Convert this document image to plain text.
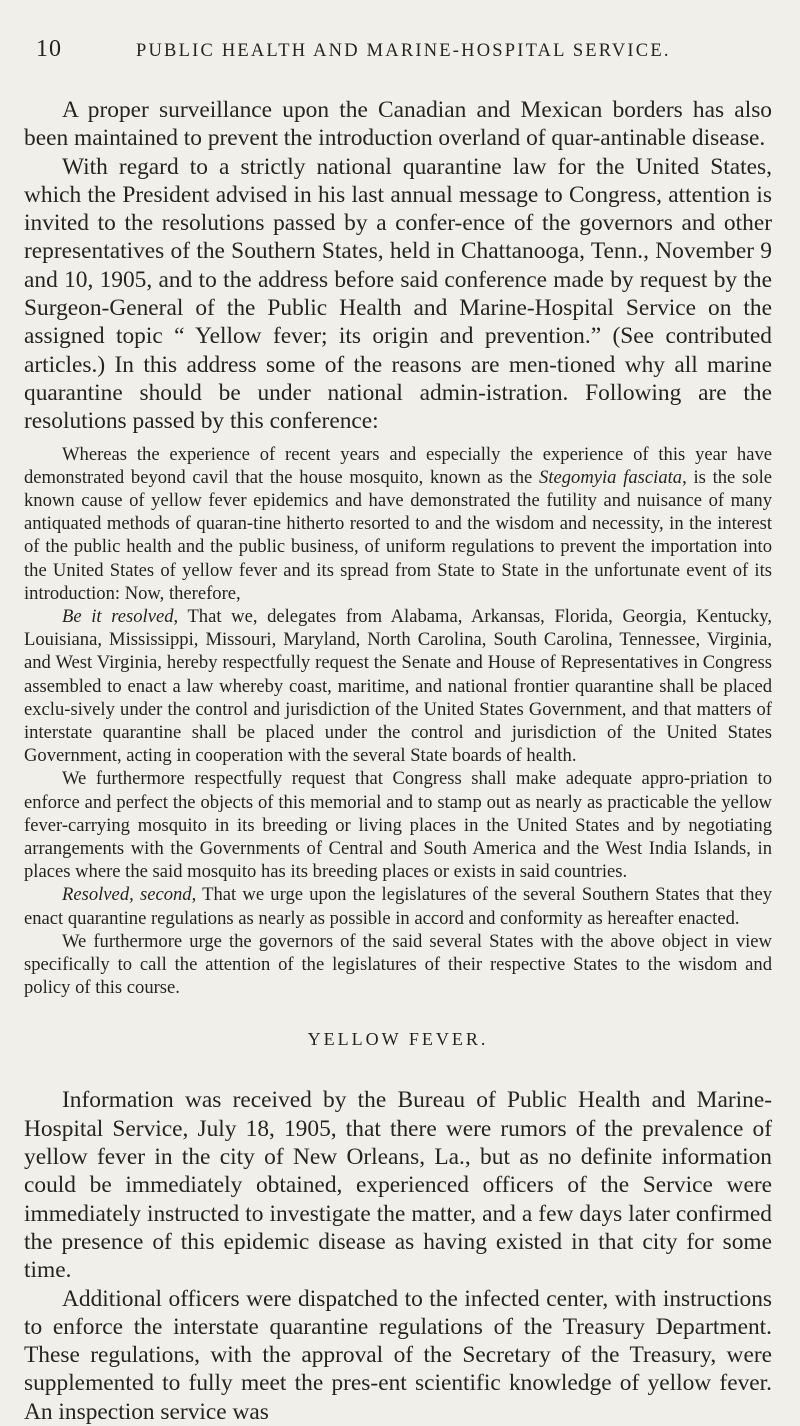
10	PUBLIC HEALTH AND MARINE-HOSPITAL SERVICE.

A proper surveillance upon the Canadian and Mexican borders has also been maintained to prevent the introduction overland of quar-antinable disease.

With regard to a strictly national quarantine law for the United States, which the President advised in his last annual message to Congress, attention is invited to the resolutions passed by a confer-ence of the governors and other representatives of the Southern States, held in Chattanooga, Tenn., November 9 and 10, 1905, and to the address before said conference made by request by the Surgeon-General of the Public Health and Marine-Hospital Service on the assigned topic “ Yellow fever; its origin and prevention.” (See contributed articles.) In this address some of the reasons are men-tioned why all marine quarantine should be under national admin-istration. Following are the resolutions passed by this conference:

Whereas the experience of recent years and especially the experience of this year have demonstrated beyond cavil that the house mosquito, known as the Stegomyia fasciata, is the sole known cause of yellow fever epidemics and have demonstrated the futility and nuisance of many antiquated methods of quaran-tine hitherto resorted to and the wisdom and necessity, in the interest of the public health and the public business, of uniform regulations to prevent the importation into the United States of yellow fever and its spread from State to State in the unfortunate event of its introduction: Now, therefore,

Be it resolved, That we, delegates from Alabama, Arkansas, Florida, Georgia, Kentucky, Louisiana, Mississippi, Missouri, Maryland, North Carolina, South Carolina, Tennessee, Virginia, and West Virginia, hereby respectfully request the Senate and House of Representatives in Congress assembled to enact a law whereby coast, maritime, and national frontier quarantine shall be placed exclu-sively under the control and jurisdiction of the United States Government, and that matters of interstate quarantine shall be placed under the control and jurisdiction of the United States Government, acting in cooperation with the several State boards of health.

We furthermore respectfully request that Congress shall make adequate appro-priation to enforce and perfect the objects of this memorial and to stamp out as nearly as practicable the yellow fever-carrying mosquito in its breeding or living places in the United States and by negotiating arrangements with the Governments of Central and South America and the West India Islands, in places where the said mosquito has its breeding places or exists in said countries.

Resolved, second, That we urge upon the legislatures of the several Southern States that they enact quarantine regulations as nearly as possible in accord and conformity as hereafter enacted.

We furthermore urge the governors of the said several States with the above object in view specifically to call the attention of the legislatures of their respective States to the wisdom and policy of this course.

YELLOW FEVER.

Information was received by the Bureau of Public Health and Marine-Hospital Service, July 18, 1905, that there were rumors of the prevalence of yellow fever in the city of New Orleans, La., but as no definite information could be immediately obtained, experienced officers of the Service were immediately instructed to investigate the matter, and a few days later confirmed the presence of this epidemic disease as having existed in that city for some time.

Additional officers were dispatched to the infected center, with instructions to enforce the interstate quarantine regulations of the Treasury Department. These regulations, with the approval of the Secretary of the Treasury, were supplemented to fully meet the pres-ent scientific knowledge of yellow fever. An inspection service was
